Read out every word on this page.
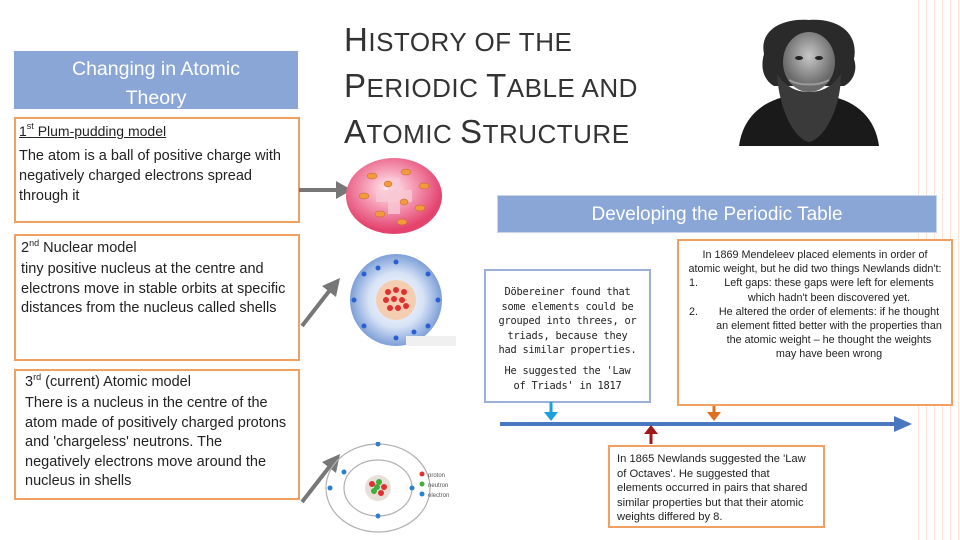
Changing in Atomic Theory
HISTORY OF THE
PERIODIC TABLE AND
ATOMIC STRUCTURE
1st Plum-pudding model
The atom is a ball of positive charge with negatively charged electrons spread through it
2nd Nuclear model
tiny positive nucleus at the centre and electrons move in stable orbits at specific distances from the nucleus called shells
3rd (current) Atomic model
There is a nucleus in the centre of the atom made of positively charged protons and 'chargeless' neutrons. The negatively electrons move around the nucleus in shells	proton
neutron
electron
Developing the Periodic Table
Döbereiner found that some elements could be grouped into threes, or triads, because they had similar properties.
He suggested the 'Law of Triads' in 1817
In 1869 Mendeleev placed elements in order of atomic weight, but he did two things Newlands didn't:
1.	Left gaps: these gaps were left for elements which hadn't been discovered yet.
2.	He altered the order of elements: if he thought an element fitted better with the properties than the atomic weight – he thought the weights may have been wrong
In 1865 Newlands suggested the 'Law of Octaves'. He suggested that elements occurred in pairs that shared similar properties but that their atomic weights differed by 8.
